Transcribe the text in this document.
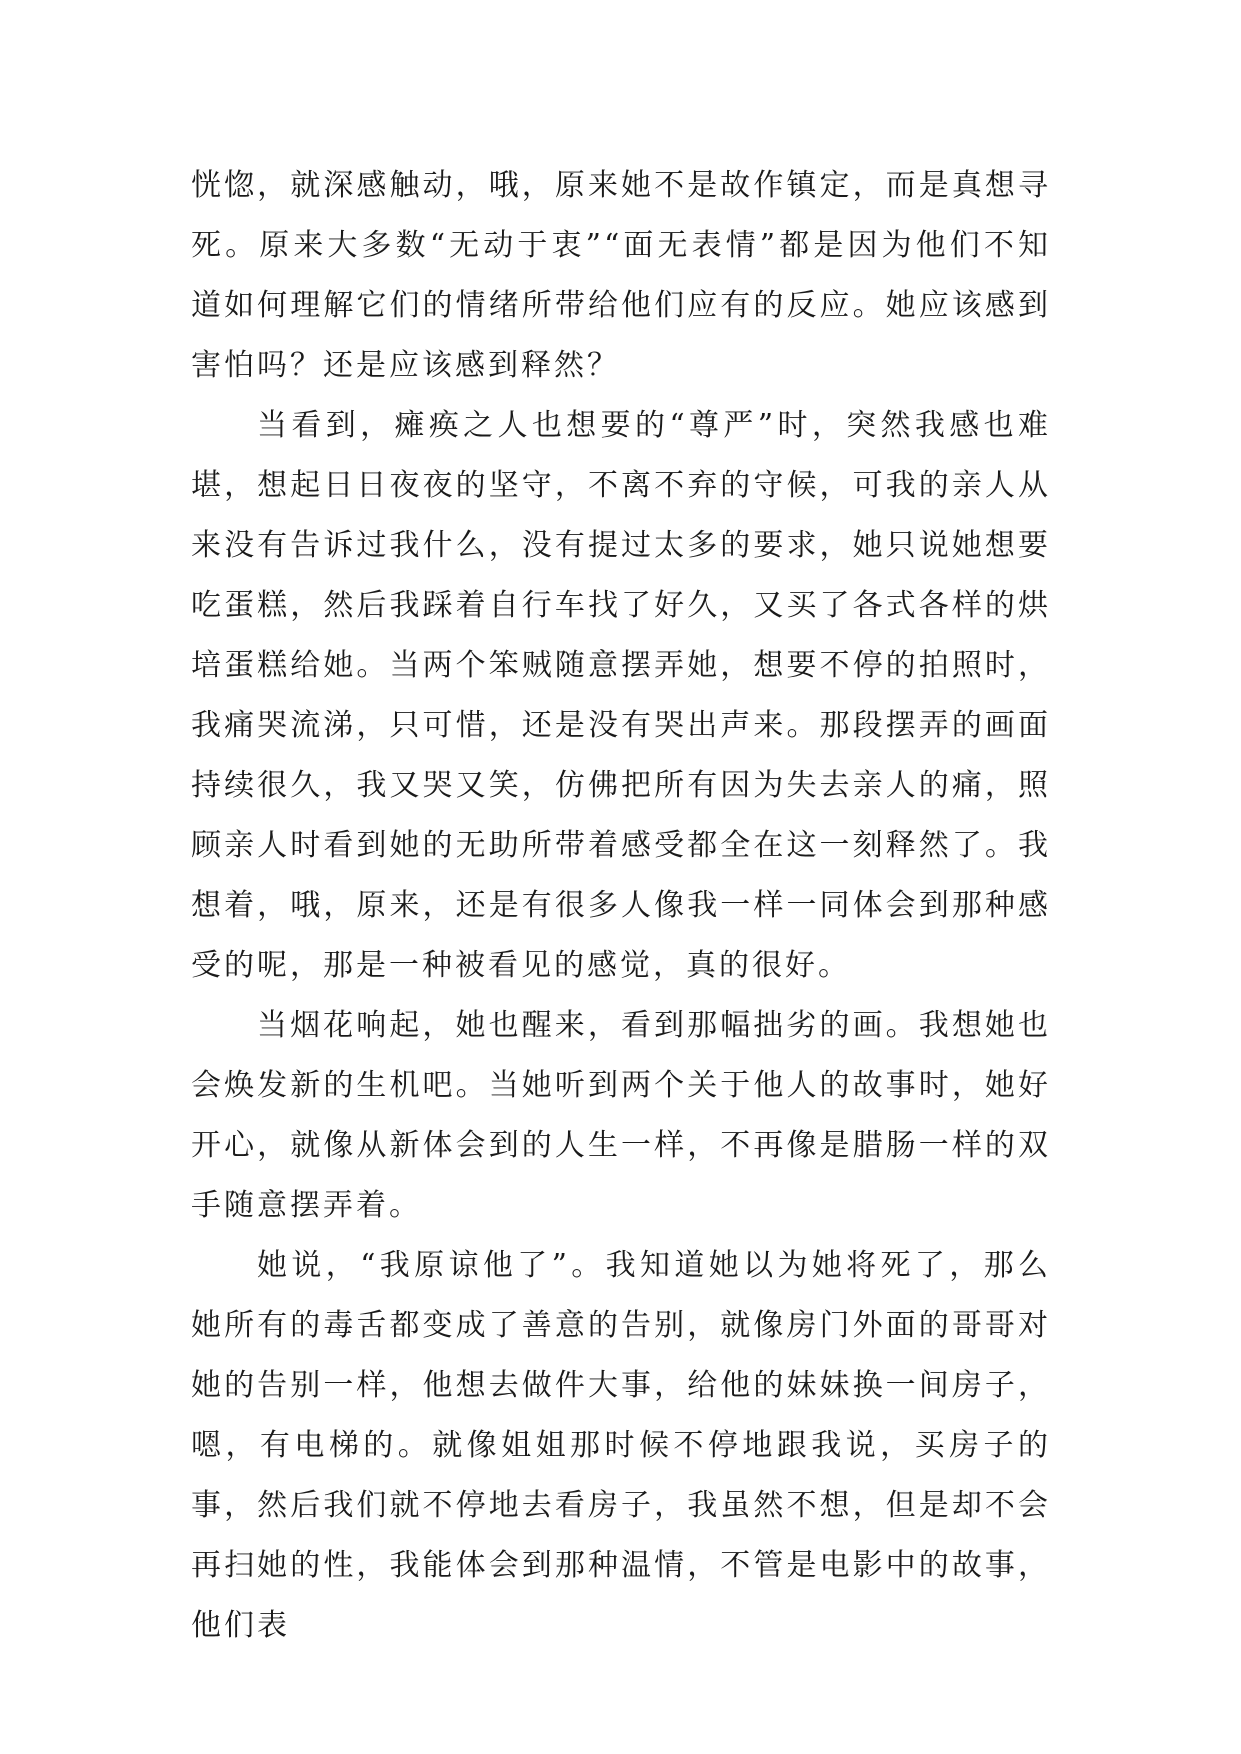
恍惚，就深感触动，哦，原来她不是故作镇定，而是真想寻死。原来大多数“无动于衷”“面无表情”都是因为他们不知道如何理解它们的情绪所带给他们应有的反应。她应该感到害怕吗？还是应该感到释然？

当看到，瘫痪之人也想要的“尊严”时，突然我感也难堪，想起日日夜夜的坚守，不离不弃的守候，可我的亲人从来没有告诉过我什么，没有提过太多的要求，她只说她想要吃蛋糕，然后我踩着自行车找了好久，又买了各式各样的烘培蛋糕给她。当两个笨贼随意摆弄她，想要不停的拍照时，我痛哭流涕，只可惜，还是没有哭出声来。那段摆弄的画面持续很久，我又哭又笑，仿佛把所有因为失去亲人的痛，照顾亲人时看到她的无助所带着感受都全在这一刻释然了。我想着，哦，原来，还是有很多人像我一样一同体会到那种感受的呢，那是一种被看见的感觉，真的很好。

当烟花响起，她也醒来，看到那幅拙劣的画。我想她也会焕发新的生机吧。当她听到两个关于他人的故事时，她好开心，就像从新体会到的人生一样，不再像是腊肠一样的双手随意摆弄着。

她说，“我原谅他了”。我知道她以为她将死了，那么她所有的毒舌都变成了善意的告别，就像房门外面的哥哥对她的告别一样，他想去做件大事，给他的妹妹换一间房子，嗯，有电梯的。就像姐姐那时候不停地跟我说，买房子的事，然后我们就不停地去看房子，我虽然不想，但是却不会再扫她的性，我能体会到那种温情，不管是电影中的故事，他们表
